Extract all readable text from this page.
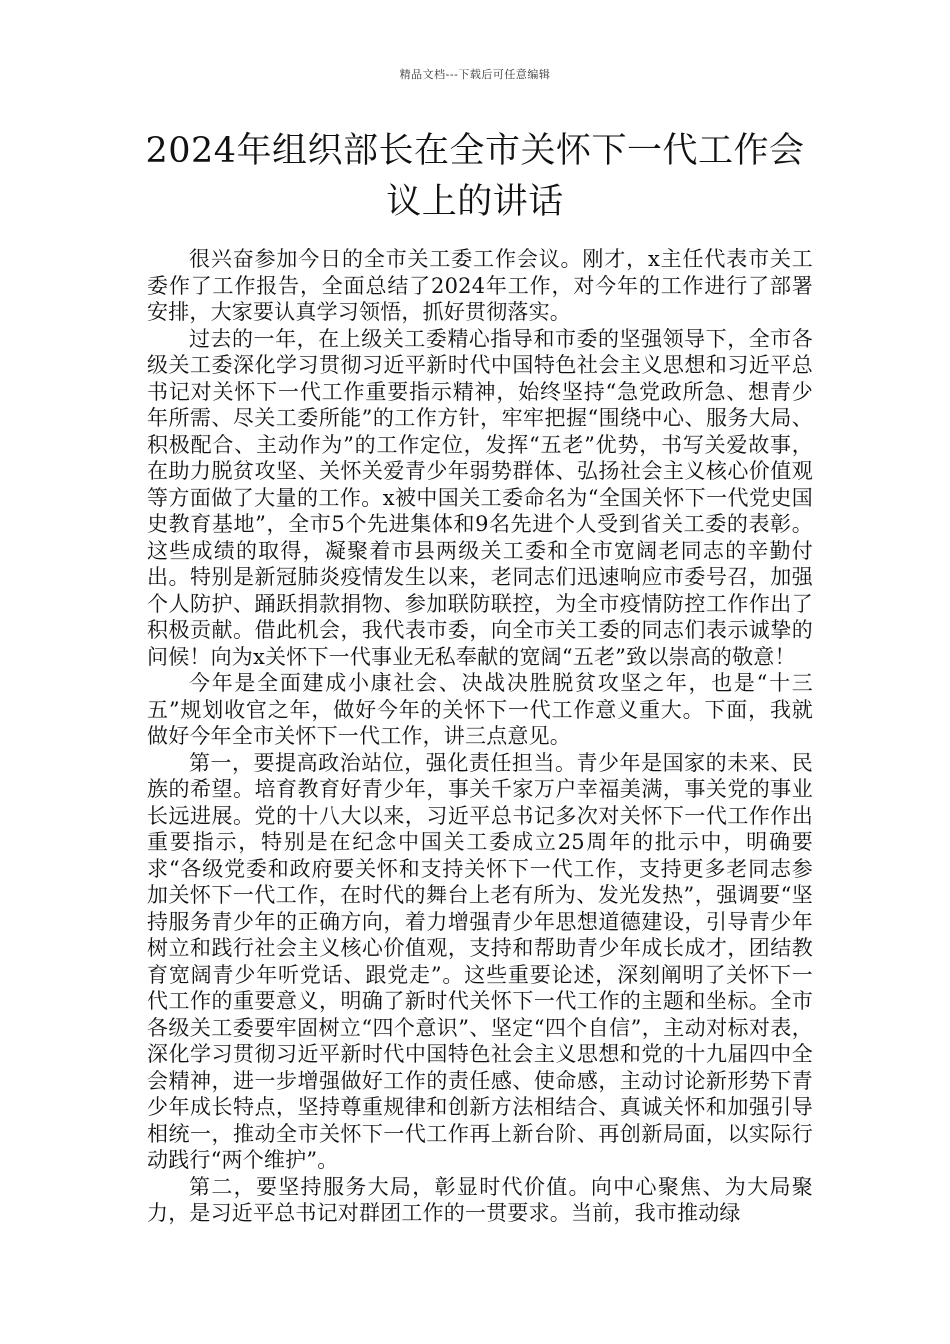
精品文档---下载后可任意编辑
2024年组织部长在全市关怀下一代工作会议上的讲话

很兴奋参加今日的全市关工委工作会议。刚才，x主任代表市关工委作了工作报告，全面总结了2024年工作，对今年的工作进行了部署安排，大家要认真学习领悟，抓好贯彻落实。

过去的一年，在上级关工委精心指导和市委的坚强领导下，全市各级关工委深化学习贯彻习近平新时代中国特色社会主义思想和习近平总书记对关怀下一代工作重要指示精神，始终坚持“急党政所急、想青少年所需、尽关工委所能”的工作方针，牢牢把握“围绕中心、服务大局、积极配合、主动作为”的工作定位，发挥“五老”优势，书写关爱故事，在助力脱贫攻坚、关怀关爱青少年弱势群体、弘扬社会主义核心价值观等方面做了大量的工作。x被中国关工委命名为“全国关怀下一代党史国史教育基地”，全市5个先进集体和9名先进个人受到省关工委的表彰。这些成绩的取得，凝聚着市县两级关工委和全市宽阔老同志的辛勤付出。特别是新冠肺炎疫情发生以来，老同志们迅速响应市委号召，加强个人防护、踊跃捐款捐物、参加联防联控，为全市疫情防控工作作出了积极贡献。借此机会，我代表市委，向全市关工委的同志们表示诚挚的问候！向为x关怀下一代事业无私奉献的宽阔“五老”致以崇高的敬意！

今年是全面建成小康社会、决战决胜脱贫攻坚之年，也是“十三五”规划收官之年，做好今年的关怀下一代工作意义重大。下面，我就做好今年全市关怀下一代工作，讲三点意见。

第一，要提高政治站位，强化责任担当。青少年是国家的未来、民族的希望。培育教育好青少年，事关千家万户幸福美满，事关党的事业长远进展。党的十八大以来，习近平总书记多次对关怀下一代工作作出重要指示，特别是在纪念中国关工委成立25周年的批示中，明确要求“各级党委和政府要关怀和支持关怀下一代工作，支持更多老同志参加关怀下一代工作，在时代的舞台上老有所为、发光发热”，强调要“坚持服务青少年的正确方向，着力增强青少年思想道德建设，引导青少年树立和践行社会主义核心价值观，支持和帮助青少年成长成才，团结教育宽阔青少年听党话、跟党走”。这些重要论述，深刻阐明了关怀下一代工作的重要意义，明确了新时代关怀下一代工作的主题和坐标。全市各级关工委要牢固树立“四个意识”、坚定“四个自信”，主动对标对表，深化学习贯彻习近平新时代中国特色社会主义思想和党的十九届四中全会精神，进一步增强做好工作的责任感、使命感，主动讨论新形势下青少年成长特点，坚持尊重规律和创新方法相结合、真诚关怀和加强引导相统一，推动全市关怀下一代工作再上新台阶、再创新局面，以实际行动践行“两个维护”。

第二，要坚持服务大局，彰显时代价值。向中心聚焦、为大局聚力，是习近平总书记对群团工作的一贯要求。当前，我市推动绿
